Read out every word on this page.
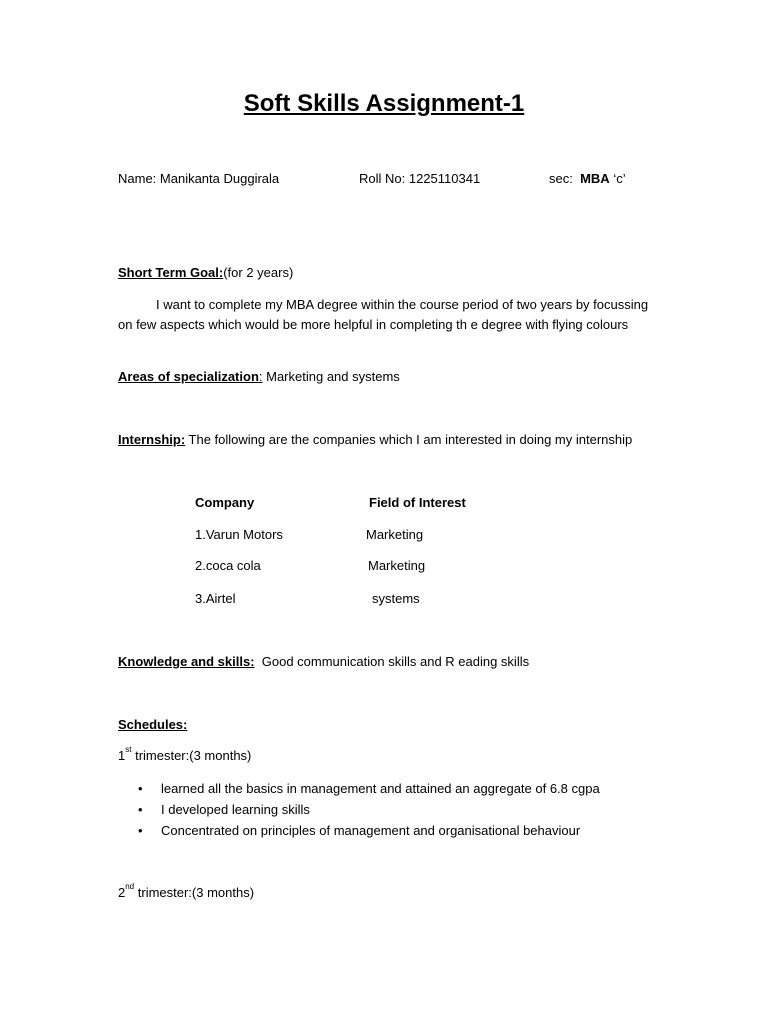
Soft Skills Assignment-1
Name: Manikanta Duggirala	Roll No: 1225110341	sec: MBA ‘c’
Short Term Goal:(for 2 years)
I want to complete my MBA degree within the course period of two years by focussing on few aspects which would be more helpful in completing th e degree with flying colours
Areas of specialization: Marketing and systems
Internship: The following are the companies which I am interested in doing my internship
Company	Field of Interest
1.Varun Motors	Marketing
2.coca cola	Marketing
3.Airtel	systems
Knowledge and skills:  Good communication skills and R eading skills
Schedules:
1st trimester:(3 months)
• learned all the basics in management and attained an aggregate of 6.8 cgpa
• I developed learning skills
• Concentrated on principles of management and organisational behaviour
2nd trimester:(3 months)
